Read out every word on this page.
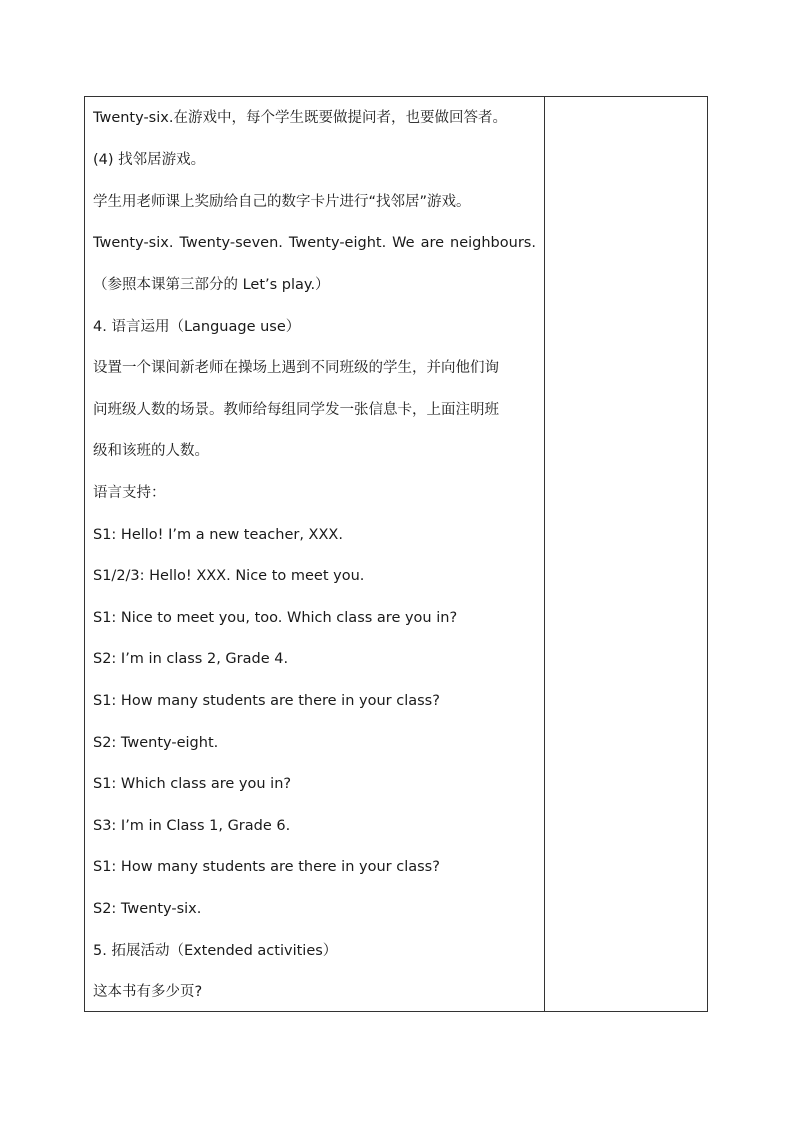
Twenty-six.在游戏中，每个学生既要做提问者，也要做回答者。
(4) 找邻居游戏。
学生用老师课上奖励给自己的数字卡片进行“找邻居”游戏。
Twenty-six. Twenty-seven. Twenty-eight. We are neighbours.
（参照本课第三部分的 Let’s play.）
4. 语言运用（Language use）
设置一个课间新老师在操场上遇到不同班级的学生，并向他们询
问班级人数的场景。教师给每组同学发一张信息卡，上面注明班
级和该班的人数。
语言支持：
S1: Hello! I’m a new teacher, XXX.
S1/2/3: Hello! XXX. Nice to meet you.
S1: Nice to meet you, too. Which class are you in?
S2: I’m in class 2, Grade 4.
S1: How many students are there in your class?
S2: Twenty-eight.
S1: Which class are you in?
S3: I’m in Class 1, Grade 6.
S1: How many students are there in your class?
S2: Twenty-six.
5. 拓展活动（Extended activities）
这本书有多少页?
